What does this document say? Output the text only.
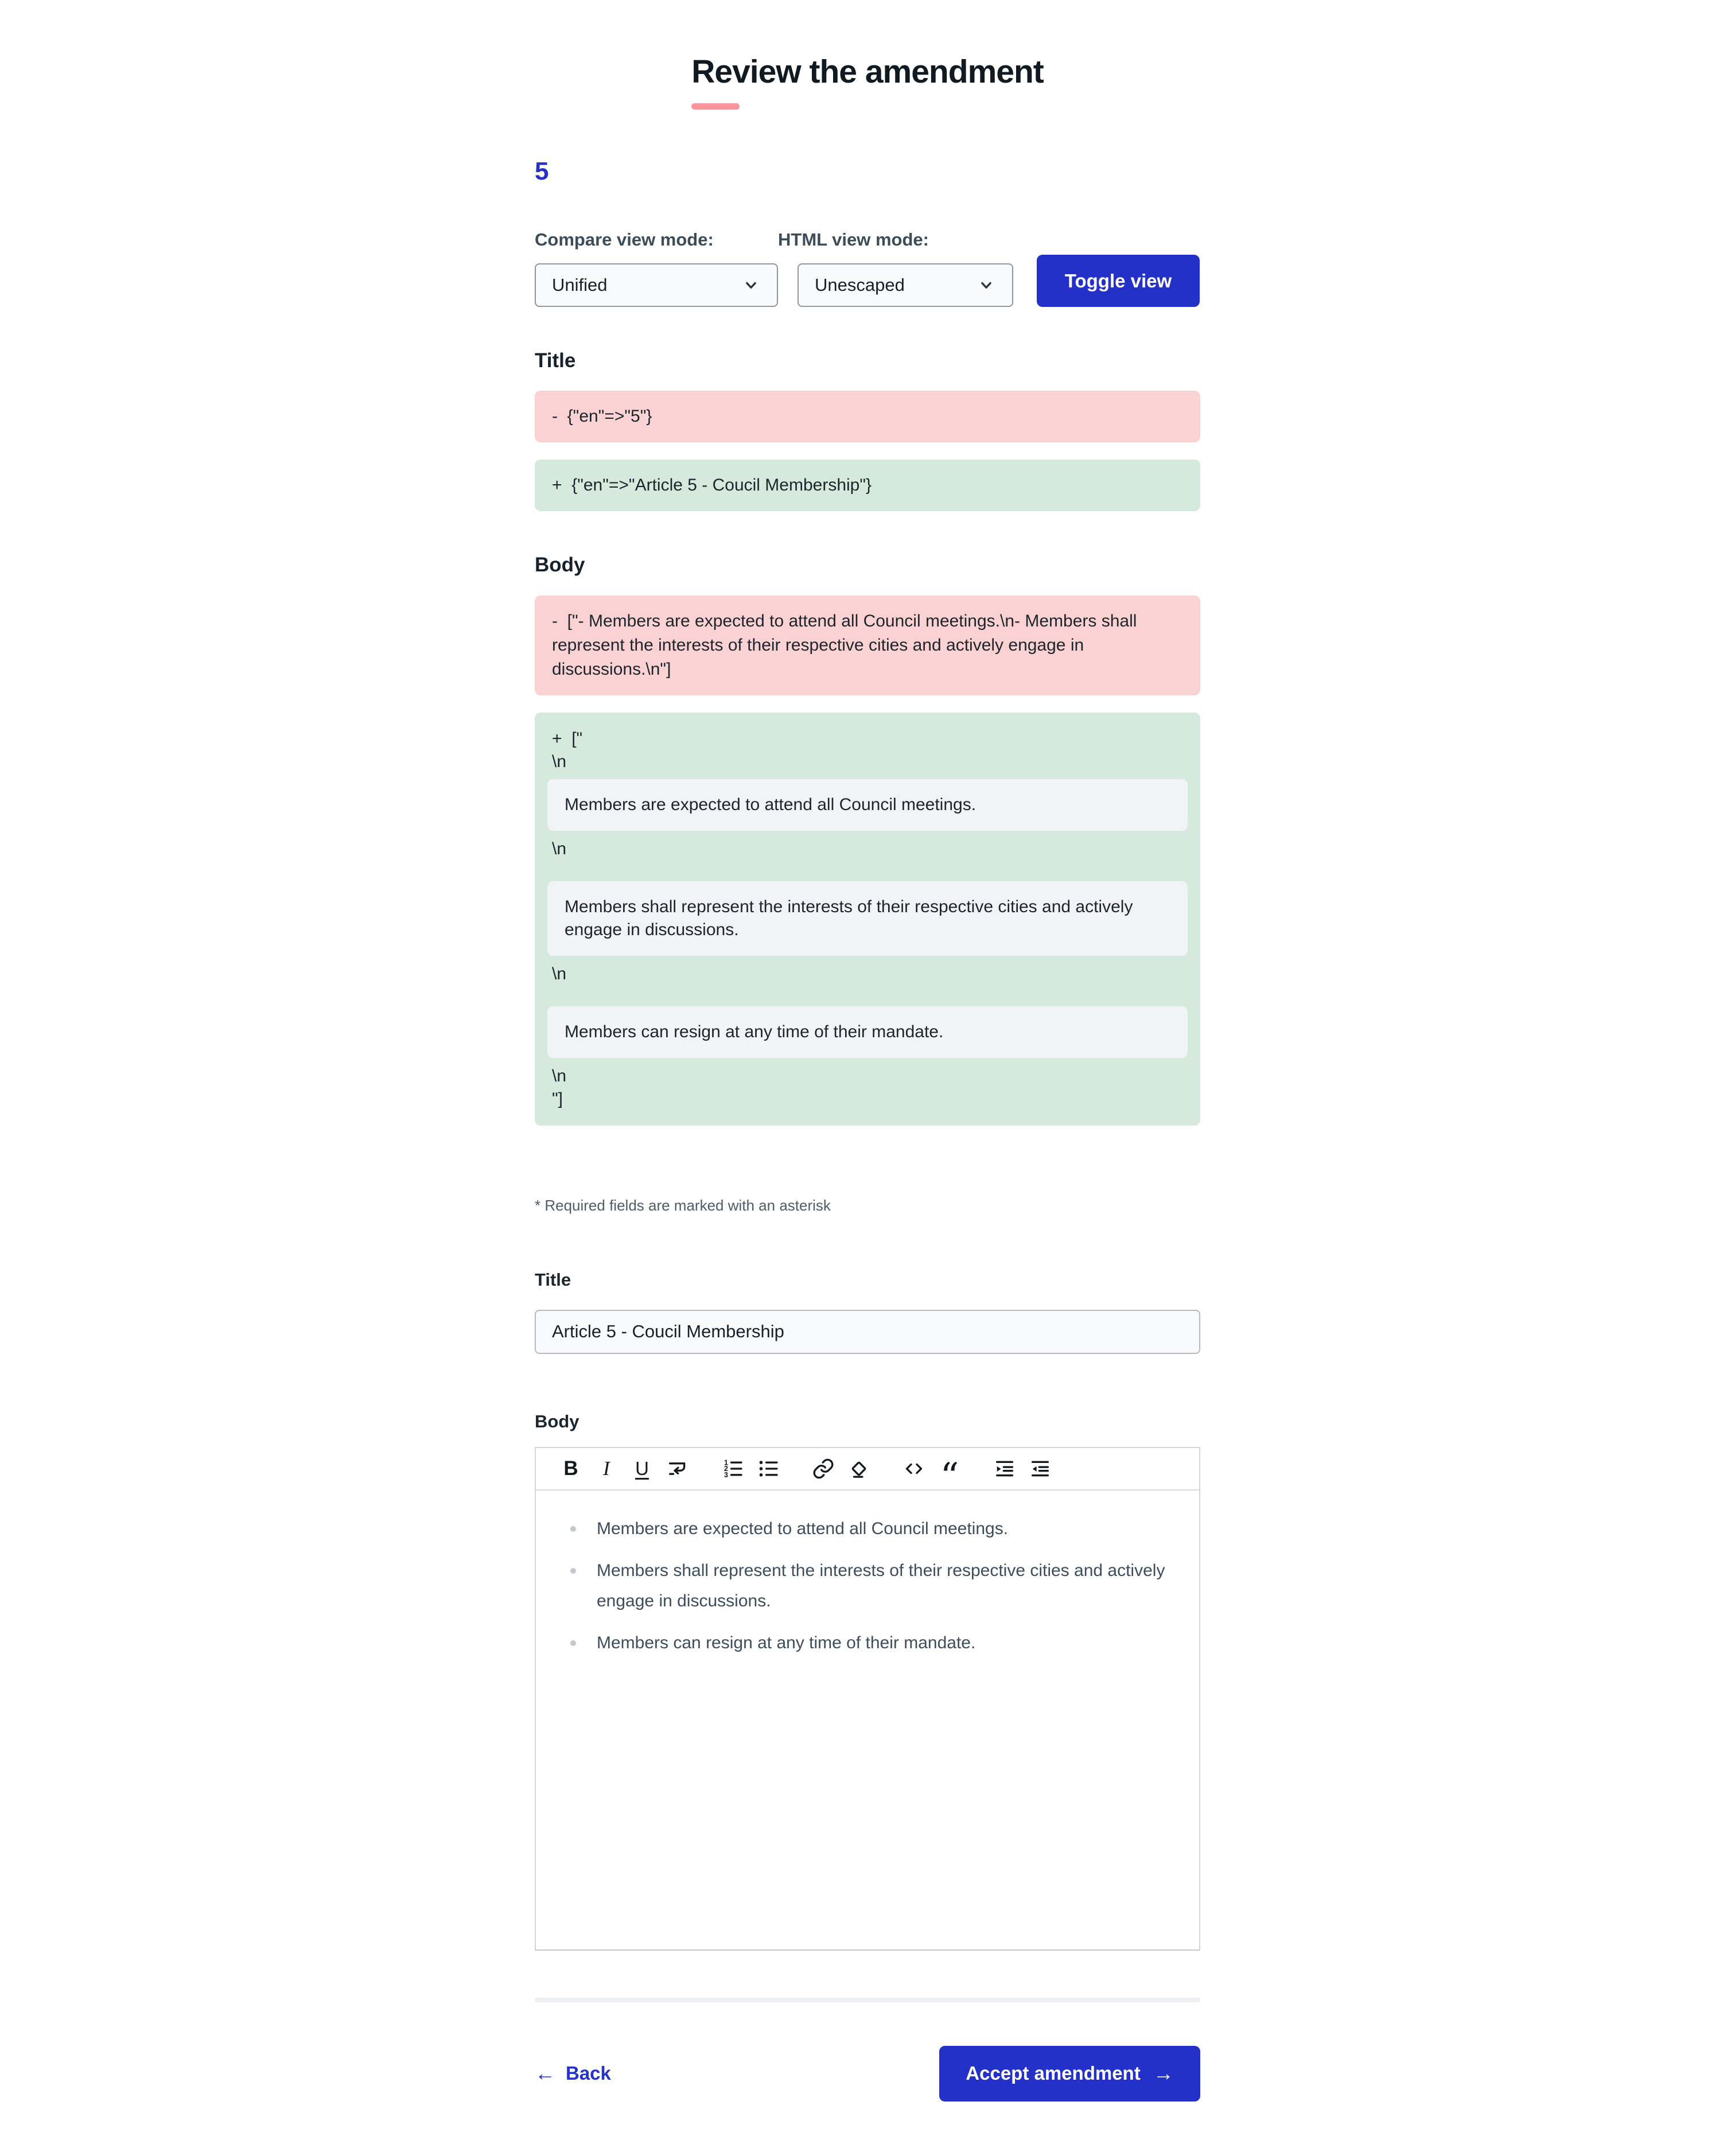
Review the amendment
5
Compare view mode:
Unified
HTML view mode:
Unescaped	Toggle view
Title
-  {"en"=>"5"}
+  {"en"=>"Article 5 - Coucil Membership"}
Body
-  ["- Members are expected to attend all Council meetings.\n- Members shall represent the interests of their respective cities and actively engage in discussions.\n"]
+  ["
\n
Members are expected to attend all Council meetings.
\n
Members shall represent the interests of their respective cities and actively engage in discussions.
\n
Members can resign at any time of their mandate.
\n
"]
* Required fields are marked with an asterisk
Title
Article 5 - Coucil Membership
Body
B I U	1
2
3	“
Members are expected to attend all Council meetings.
Members shall represent the interests of their respective cities and actively engage in discussions.
Members can resign at any time of their mandate.
← Back	Accept amendment →
